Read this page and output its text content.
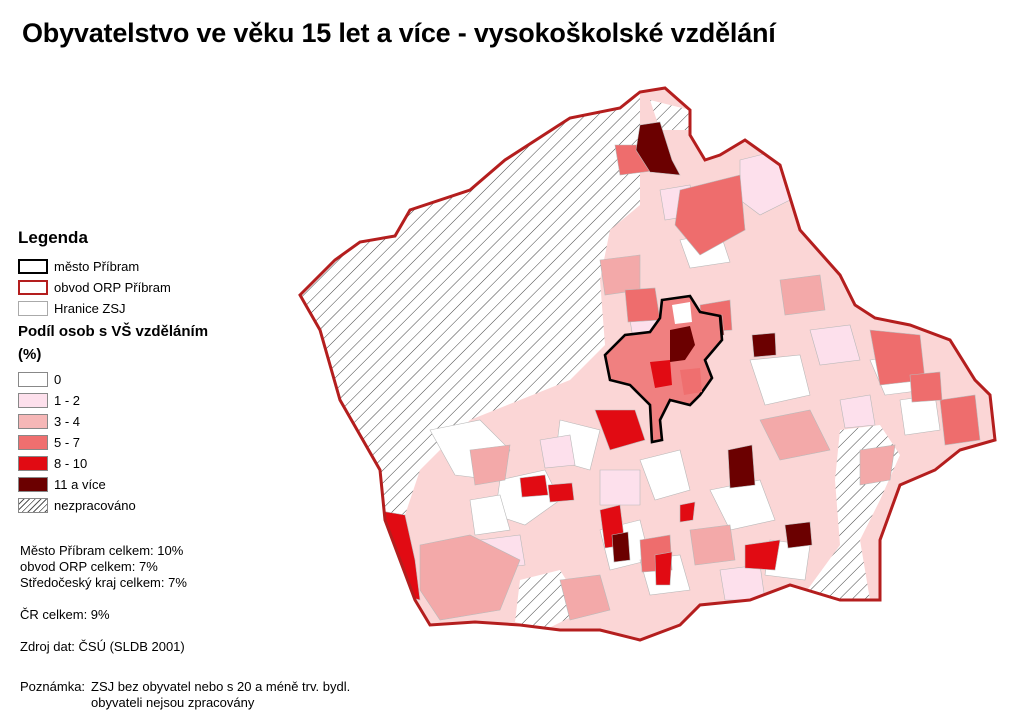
Obyvatelstvo ve věku 15 let a více - vysokoškolské vzdělání
Legenda
město Příbram
obvod ORP Příbram
Hranice ZSJ
Podíl osob s VŠ vzděláním
(%)
0
1 - 2
3 - 4
5 - 7
8 - 10
11 a více
nezpracováno
Město Příbram celkem: 10%
obvod ORP celkem: 7%
Středočeský kraj celkem: 7%
ČR celkem: 9%
Zdroj dat: ČSÚ (SLDB 2001)
Poznámka: ZSJ bez obyvatel nebo s 20 a méně trv. bydl.
obyvateli nejsou zpracovány
